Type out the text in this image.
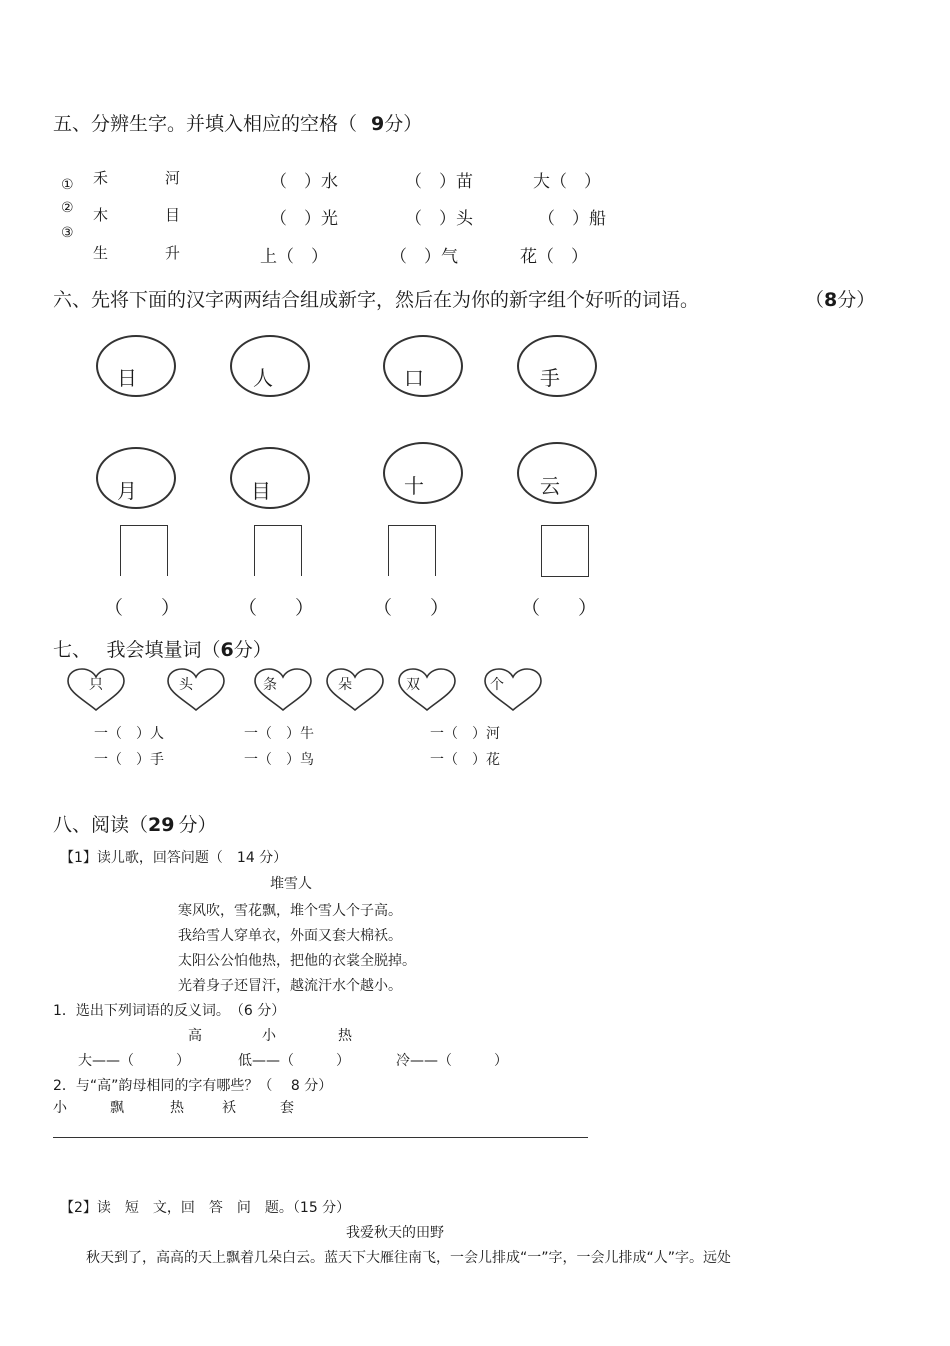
五、分辨生字。并填入相应的空格（ 9分）
①
②
③
禾	河	（　）水	（　）苗	大（　）
木	目	（　）光	（　）头	（　）船
生	升	上（　）	（　）气	花（　）
六、先将下面的汉字两两结合组成新字，然后在为你的新字组个好听的词语。	（8分）
日	人	口	手
月	目	十	云
（　　）	（　　）	（　　）	（　　）
七、　 我会填量词（6分）
只	头	条	朵	双	个
一（　）人	一（　）牛	一（　）河
一（　）手	一（　）鸟	一（　）花
八、阅读（29 分）
【1】读儿歌，回答问题（　14 分）
堆雪人
寒风吹，雪花飘，堆个雪人个子高。
我给雪人穿单衣，外面又套大棉袄。
太阳公公怕他热，把他的衣裳全脱掉。
光着身子还冒汗，越流汗水个越小。
1．选出下列词语的反义词。　（6 分）
高	小	热
大——（　　　）	低——（　　　）	冷——（　　　）
2．与“高”韵母相同的字有哪些？（　 8 分）
小	飘	热	袄	套
【2】读　短　文，回　答　问　题。（15 分）
我爱秋天的田野
秋天到了，高高的天上飘着几朵白云。蓝天下大雁往南飞，一会儿排成“一”字，一会儿排成“人”字。远处
